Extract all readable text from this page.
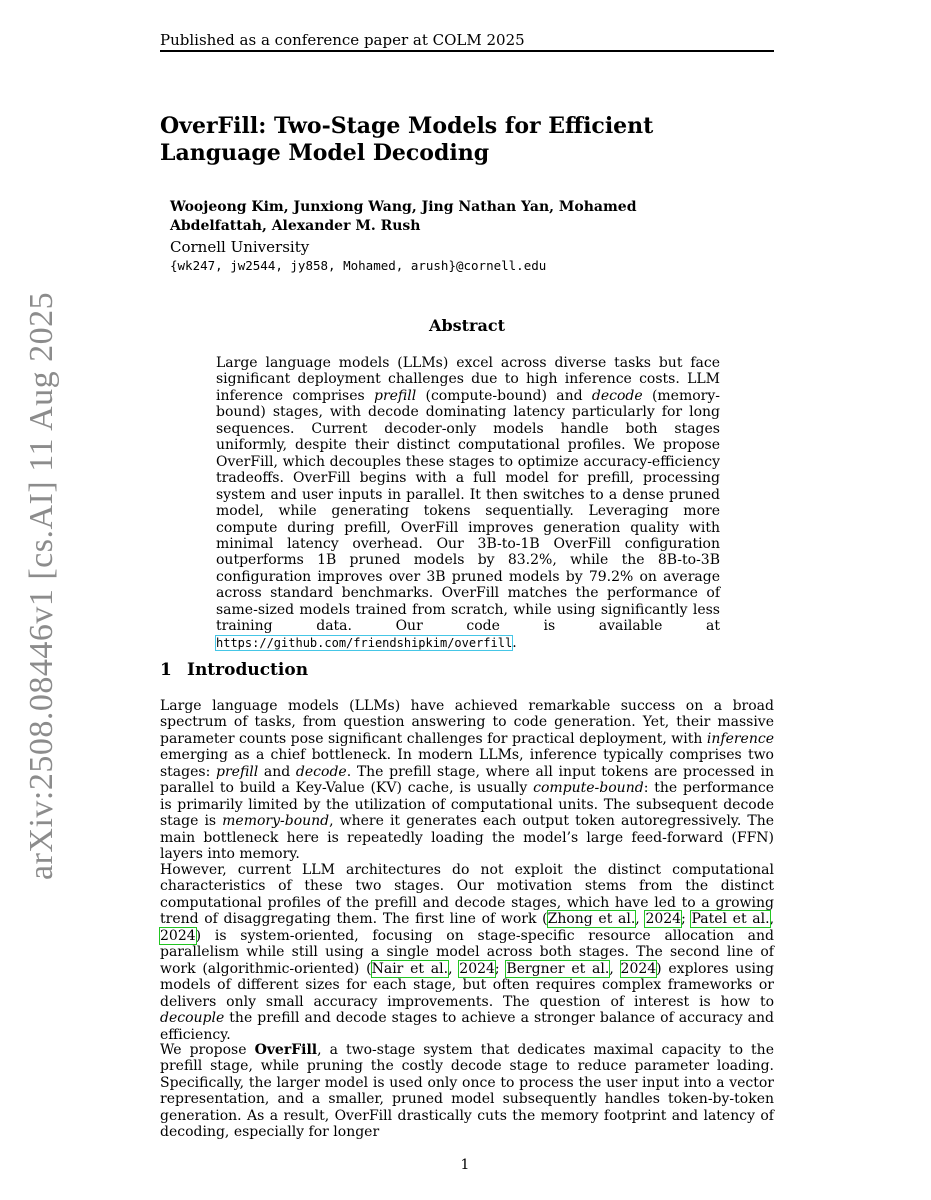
Published as a conference paper at COLM 2025
arXiv:2508.08446v1 [cs.AI] 11 Aug 2025
OverFill: Two-Stage Models for Efficient Language Model Decoding
Woojeong Kim, Junxiong Wang, Jing Nathan Yan, Mohamed Abdelfattah, Alexander M. Rush
Cornell University
{wk247, jw2544, jy858, Mohamed, arush}@cornell.edu
Abstract
Large language models (LLMs) excel across diverse tasks but face significant deployment challenges due to high inference costs. LLM inference comprises prefill (compute-bound) and decode (memory-bound) stages, with decode dominating latency particularly for long sequences. Current decoder-only models handle both stages uniformly, despite their distinct computational profiles. We propose OverFill, which decouples these stages to optimize accuracy-efficiency tradeoffs. OverFill begins with a full model for prefill, processing system and user inputs in parallel. It then switches to a dense pruned model, while generating tokens sequentially. Leveraging more compute during prefill, OverFill improves generation quality with minimal latency overhead. Our 3B-to-1B OverFill configuration outperforms 1B pruned models by 83.2%, while the 8B-to-3B configuration improves over 3B pruned models by 79.2% on average across standard benchmarks. OverFill matches the performance of same-sized models trained from scratch, while using significantly less training data. Our code is available at https://github.com/friendshipkim/overfill.
1 Introduction

Large language models (LLMs) have achieved remarkable success on a broad spectrum of tasks, from question answering to code generation. Yet, their massive parameter counts pose significant challenges for practical deployment, with inference emerging as a chief bottleneck. In modern LLMs, inference typically comprises two stages: prefill and decode. The prefill stage, where all input tokens are processed in parallel to build a Key-Value (KV) cache, is usually compute-bound: the performance is primarily limited by the utilization of computational units. The subsequent decode stage is memory-bound, where it generates each output token autoregressively. The main bottleneck here is repeatedly loading the model’s large feed-forward (FFN) layers into memory.

However, current LLM architectures do not exploit the distinct computational characteristics of these two stages. Our motivation stems from the distinct computational profiles of the prefill and decode stages, which have led to a growing trend of disaggregating them. The first line of work (Zhong et al., 2024; Patel et al., 2024) is system-oriented, focusing on stage-specific resource allocation and parallelism while still using a single model across both stages. The second line of work (algorithmic-oriented) (Nair et al., 2024; Bergner et al., 2024) explores using models of different sizes for each stage, but often requires complex frameworks or delivers only small accuracy improvements. The question of interest is how to decouple the prefill and decode stages to achieve a stronger balance of accuracy and efficiency.

We propose OverFill, a two-stage system that dedicates maximal capacity to the prefill stage, while pruning the costly decode stage to reduce parameter loading. Specifically, the larger model is used only once to process the user input into a vector representation, and a smaller, pruned model subsequently handles token-by-token generation. As a result, OverFill drastically cuts the memory footprint and latency of decoding, especially for longer

1
